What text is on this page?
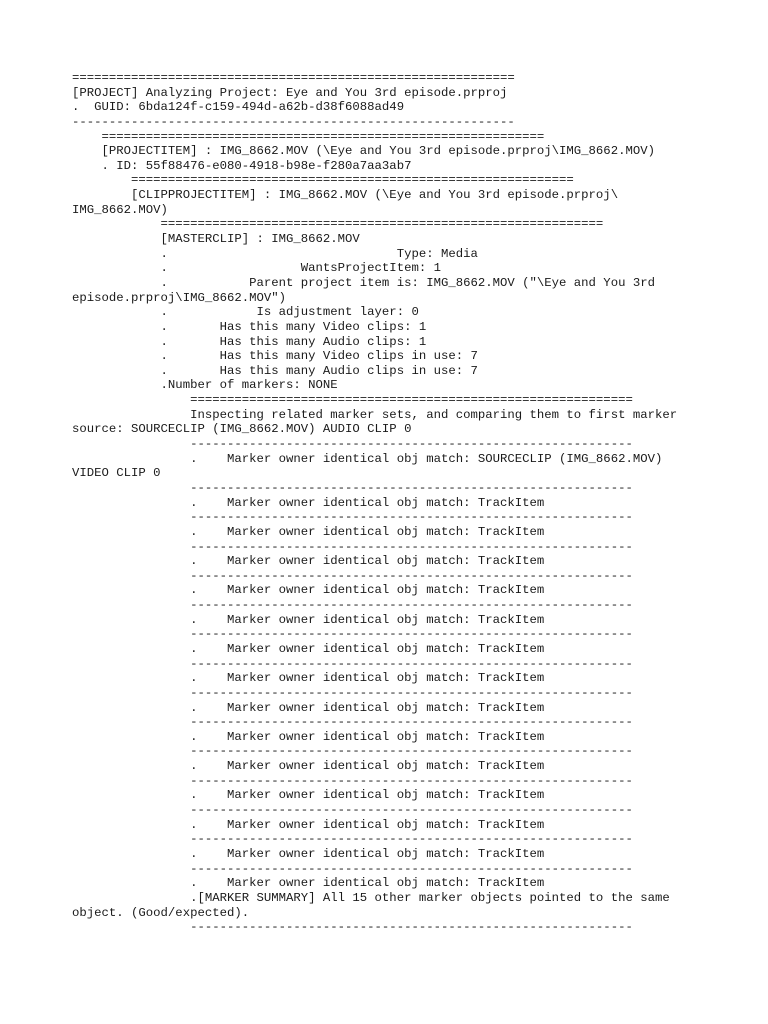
============================================================
[PROJECT] Analyzing Project: Eye and You 3rd episode.prproj
.  GUID: 6bda124f-c159-494d-a62b-d38f6088ad49
------------------------------------------------------------
============================================================
[PROJECTITEM] : IMG_8662.MOV (\Eye and You 3rd episode.prproj\IMG_8662.MOV)
. ID: 55f88476-e080-4918-b98e-f280a7aa3ab7
============================================================
[CLIPPROJECTITEM] : IMG_8662.MOV (\Eye and You 3rd episode.prproj\
IMG_8662.MOV)
============================================================
[MASTERCLIP] : IMG_8662.MOV
.                               Type: Media
.                  WantsProjectItem: 1
.           Parent project item is: IMG_8662.MOV ("\Eye and You 3rd
episode.prproj\IMG_8662.MOV")
.            Is adjustment layer: 0
.       Has this many Video clips: 1
.       Has this many Audio clips: 1
.       Has this many Video clips in use: 7
.       Has this many Audio clips in use: 7
.Number of markers: NONE
============================================================
Inspecting related marker sets, and comparing them to first marker
source: SOURCECLIP (IMG_8662.MOV) AUDIO CLIP 0
------------------------------------------------------------
.    Marker owner identical obj match: SOURCECLIP (IMG_8662.MOV)
VIDEO CLIP 0
------------------------------------------------------------
.    Marker owner identical obj match: TrackItem
------------------------------------------------------------
.    Marker owner identical obj match: TrackItem
------------------------------------------------------------
.    Marker owner identical obj match: TrackItem
------------------------------------------------------------
.    Marker owner identical obj match: TrackItem
------------------------------------------------------------
.    Marker owner identical obj match: TrackItem
------------------------------------------------------------
.    Marker owner identical obj match: TrackItem
------------------------------------------------------------
.    Marker owner identical obj match: TrackItem
------------------------------------------------------------
.    Marker owner identical obj match: TrackItem
------------------------------------------------------------
.    Marker owner identical obj match: TrackItem
------------------------------------------------------------
.    Marker owner identical obj match: TrackItem
------------------------------------------------------------
.    Marker owner identical obj match: TrackItem
------------------------------------------------------------
.    Marker owner identical obj match: TrackItem
------------------------------------------------------------
.    Marker owner identical obj match: TrackItem
------------------------------------------------------------
.    Marker owner identical obj match: TrackItem
.[MARKER SUMMARY] All 15 other marker objects pointed to the same
object. (Good/expected).
------------------------------------------------------------
